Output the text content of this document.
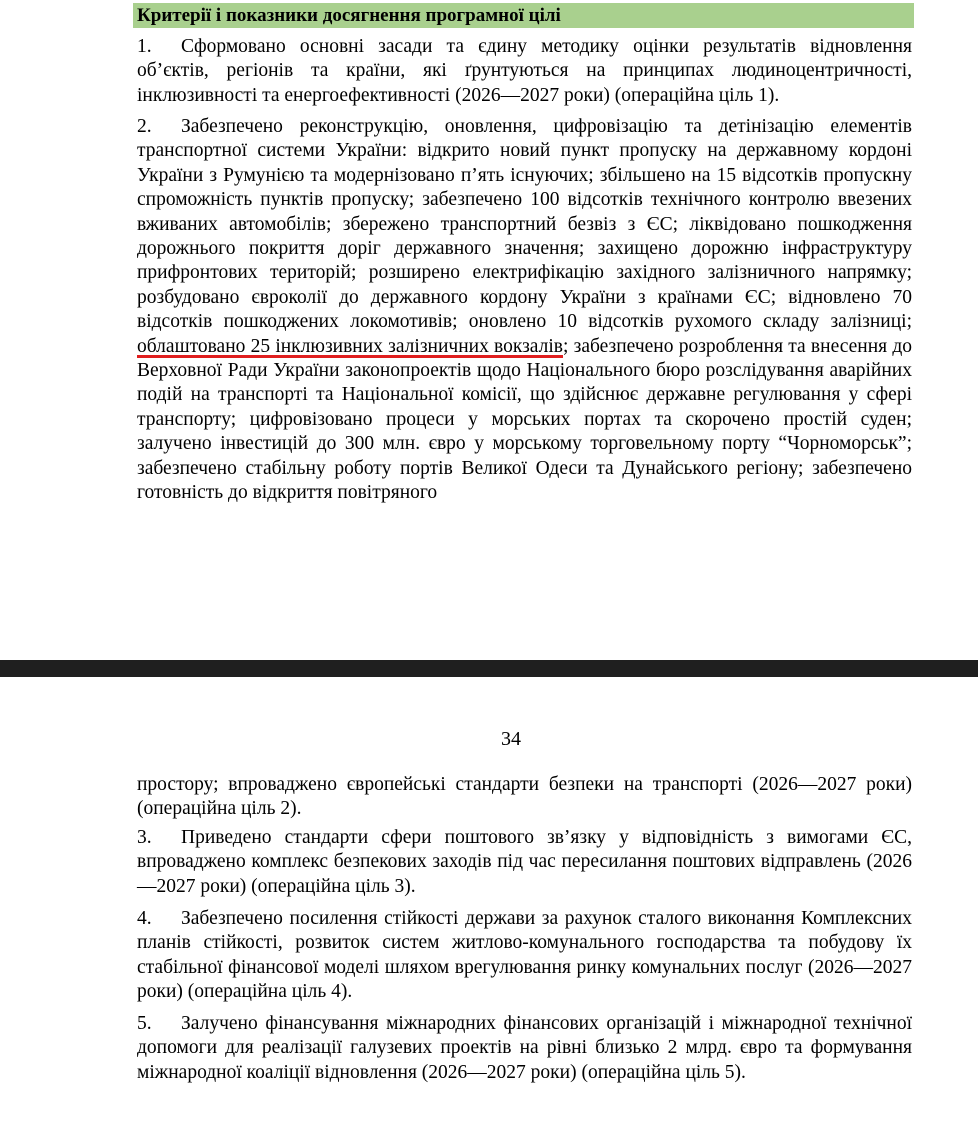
Критерії і показники досягнення програмної цілі

1. Сформовано основні засади та єдину методику оцінки результатів відновлення об’єктів, регіонів та країни, які ґрунтуються на принципах людиноцентричності, інклюзивності та енергоефективності (2026—2027 роки) (операційна ціль 1).

2. Забезпечено реконструкцію, оновлення, цифровізацію та детінізацію елементів транспортної системи України: відкрито новий пункт пропуску на державному кордоні України з Румунією та модернізовано п’ять існуючих; збільшено на 15 відсотків пропускну спроможність пунктів пропуску; забезпечено 100 відсотків технічного контролю ввезених вживаних автомобілів; збережено транспортний безвіз з ЄС; ліквідовано пошкодження дорожнього покриття доріг державного значення; захищено дорожню інфраструктуру прифронтових територій; розширено електрифікацію західного залізничного напрямку; розбудовано євроколії до державного кордону України з країнами ЄС; відновлено 70 відсотків пошкоджених локомотивів; оновлено 10 відсотків рухомого складу залізниці; облаштовано 25 інклюзивних залізничних вокзалів; забезпечено розроблення та внесення до Верховної Ради України законопроектів щодо Національного бюро розслідування аварійних подій на транспорті та Національної комісії, що здійснює державне регулювання у сфері транспорту; цифровізовано процеси у морських портах та скорочено простій суден; залучено інвестицій до 300 млн. євро у морському торговельному порту “Чорноморськ”; забезпечено стабільну роботу портів Великої Одеси та Дунайського регіону; забезпечено готовність до відкриття повітряного

34

простору; впроваджено європейські стандарти безпеки на транспорті (2026—2027 роки) (операційна ціль 2).

3. Приведено стандарти сфери поштового зв’язку у відповідність з вимогами ЄС, впроваджено комплекс безпекових заходів під час пересилання поштових відправлень (2026—2027 роки) (операційна ціль 3).

4. Забезпечено посилення стійкості держави за рахунок сталого виконання Комплексних планів стійкості, розвиток систем житлово-комунального господарства та побудову їх стабільної фінансової моделі шляхом врегулювання ринку комунальних послуг (2026—2027 роки) (операційна ціль 4).

5. Залучено фінансування міжнародних фінансових організацій і міжнародної технічної допомоги для реалізації галузевих проектів на рівні близько 2 млрд. євро та формування міжнародної коаліції відновлення (2026—2027 роки) (операційна ціль 5).
